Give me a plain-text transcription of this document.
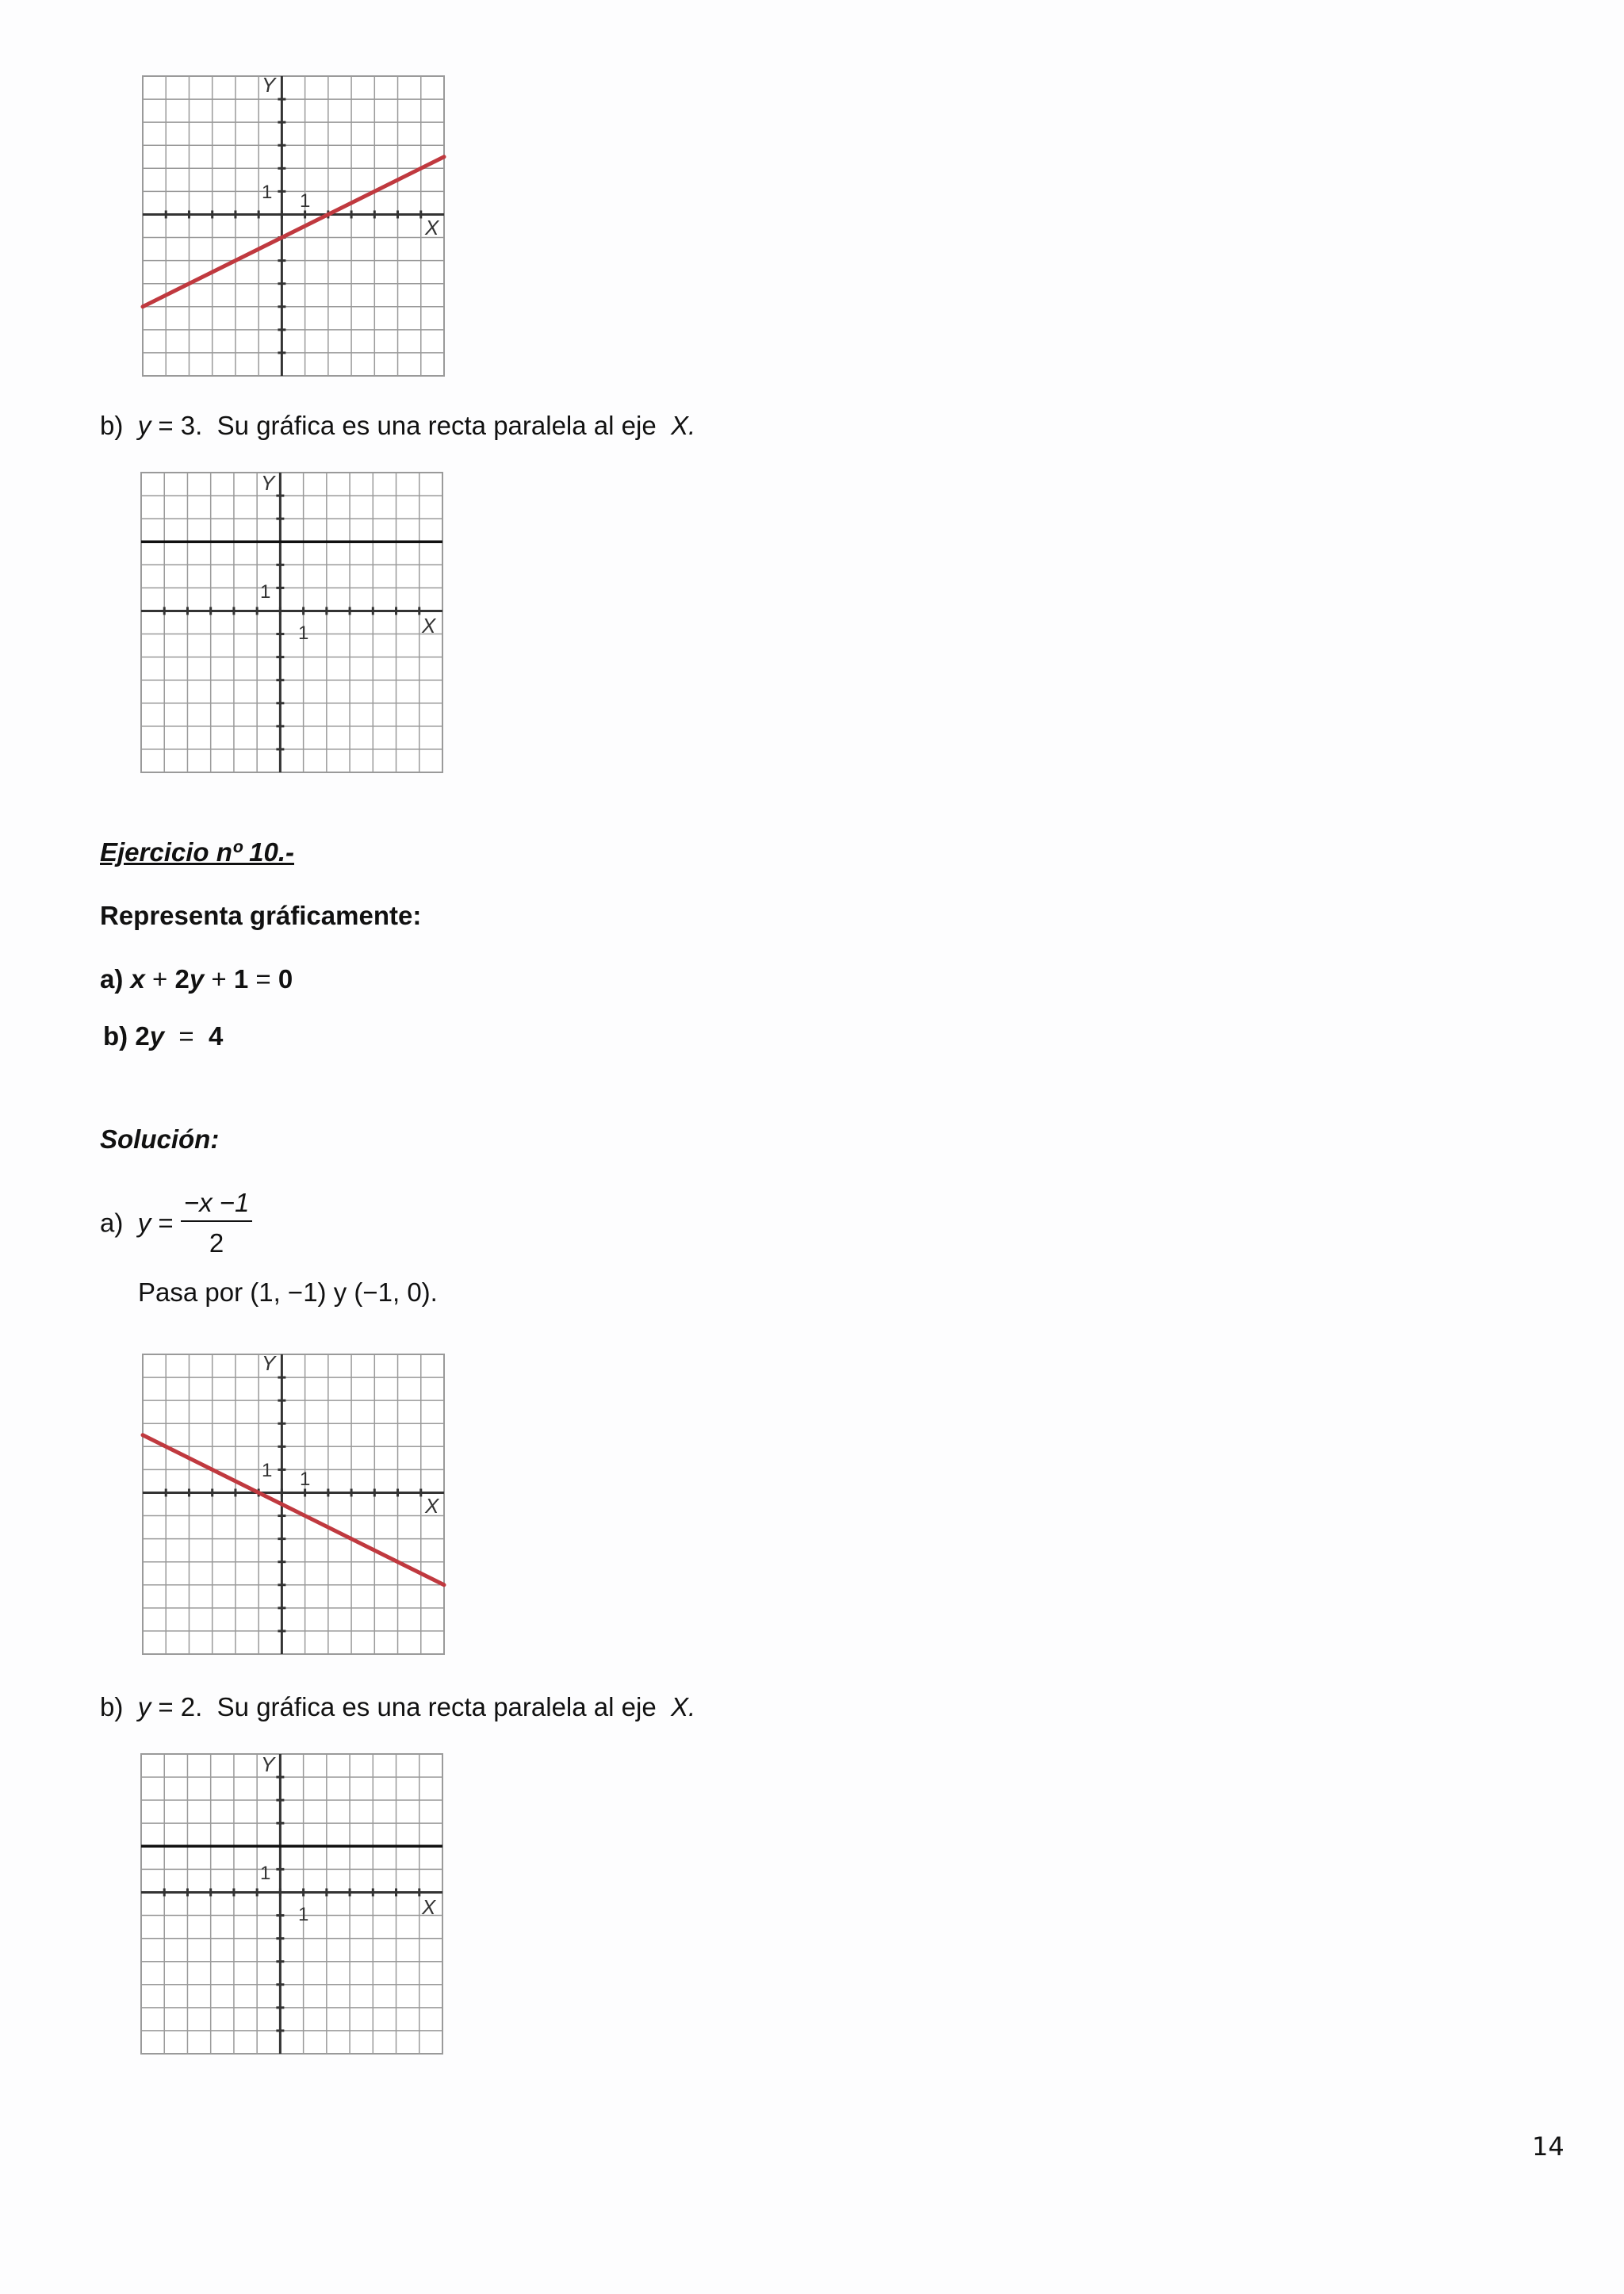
Y
X
1 1
b) y = 3. Su gráfica es una recta paralela al eje X.
Y
X
1
1
Ejercicio nº 10.-
Representa gráficamente:
a) x + 2y + 1 = 0
b) 2y = 4
Solución:
a) $y = \frac{-x -1}{2}$
Pasa por (1, −1) y (−1, 0).
Y
X
1 1
b) y = 2. Su gráfica es una recta paralela al eje X.
Y
X
1
1
14
